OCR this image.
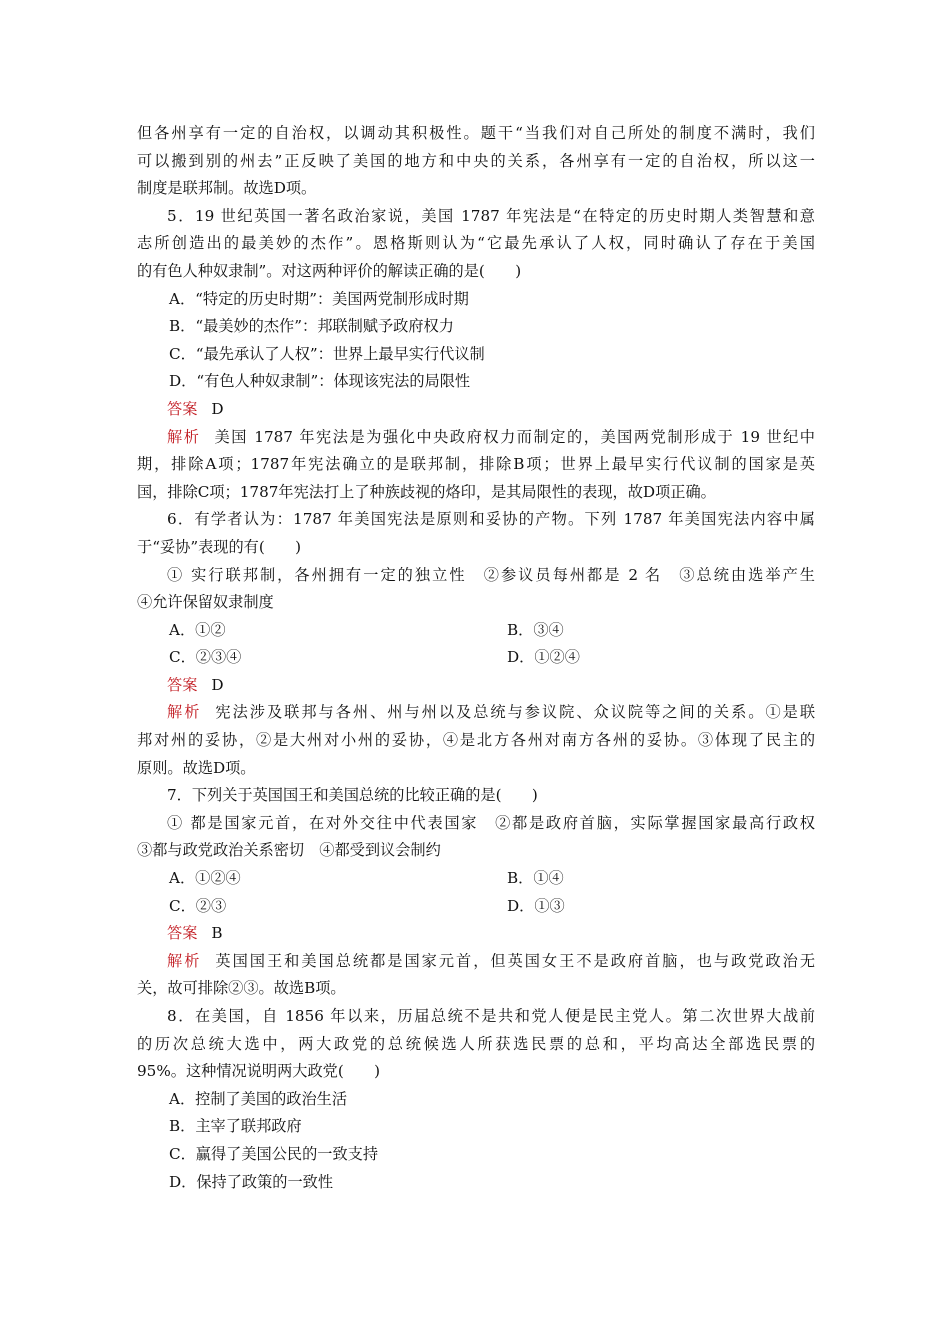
但各州享有一定的自治权，以调动其积极性。题干“当我们对自己所处的制度不满时，我们
可以搬到别的州去”正反映了美国的地方和中央的关系，各州享有一定的自治权，所以这一
制度是联邦制。故选D项。
5．19 世纪英国一著名政治家说，美国 1787 年宪法是“在特定的历史时期人类智慧和意
志所创造出的最美妙的杰作”。恩格斯则认为“它最先承认了人权，同时确认了存在于美国
的有色人种奴隶制”。对这两种评价的解读正确的是(　　)
A．“特定的历史时期”：美国两党制形成时期
B．“最美妙的杰作”：邦联制赋予政府权力
C．“最先承认了人权”：世界上最早实行代议制
D．“有色人种奴隶制”：体现该宪法的局限性
答案 D
解析 美国 1787 年宪法是为强化中央政府权力而制定的，美国两党制形成于 19 世纪中
期，排除A项；1787年宪法确立的是联邦制，排除B项；世界上最早实行代议制的国家是英
国，排除C项；1787年宪法打上了种族歧视的烙印，是其局限性的表现，故D项正确。
6．有学者认为：1787 年美国宪法是原则和妥协的产物。下列 1787 年美国宪法内容中属
于“妥协”表现的有(　　)
① 实行联邦制，各州拥有一定的独立性　②参议员每州都是 2 名　③总统由选举产生
④允许保留奴隶制度
A．①②	B．③④
C．②③④	D．①②④
答案 D
解析 宪法涉及联邦与各州、州与州以及总统与参议院、众议院等之间的关系。①是联
邦对州的妥协，②是大州对小州的妥协，④是北方各州对南方各州的妥协。③体现了民主的
原则。故选D项。
7．下列关于英国国王和美国总统的比较正确的是(　　)
① 都是国家元首，在对外交往中代表国家　②都是政府首脑，实际掌握国家最高行政权
③都与政党政治关系密切　④都受到议会制约
A．①②④	B．①④
C．②③	D．①③
答案 B
解析 英国国王和美国总统都是国家元首，但英国女王不是政府首脑，也与政党政治无
关，故可排除②③。故选B项。
8．在美国，自 1856 年以来，历届总统不是共和党人便是民主党人。第二次世界大战前
的历次总统大选中，两大政党的总统候选人所获选民票的总和，平均高达全部选民票的
95%。这种情况说明两大政党(　　)
A．控制了美国的政治生活
B．主宰了联邦政府
C．赢得了美国公民的一致支持
D．保持了政策的一致性
